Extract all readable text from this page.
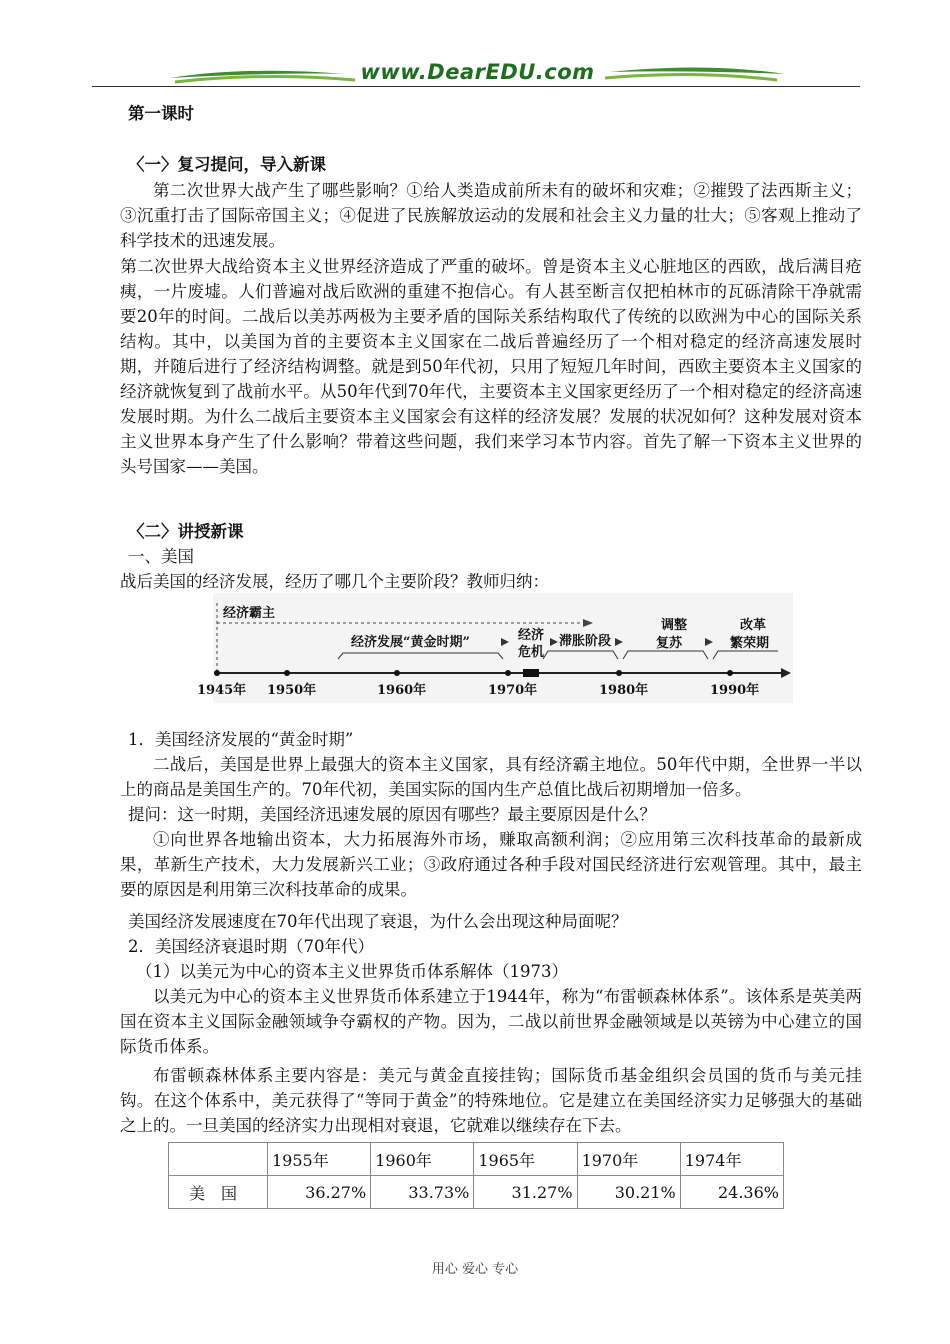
www.DearEDU.com
第一课时
〈一〉复习提问，导入新课
第二次世界大战产生了哪些影响？①给人类造成前所未有的破坏和灾难；②摧毁了法西斯主义；③沉重打击了国际帝国主义；④促进了民族解放运动的发展和社会主义力量的壮大；⑤客观上推动了科学技术的迅速发展。
第二次世界大战给资本主义世界经济造成了严重的破坏。曾是资本主义心脏地区的西欧，战后满目疮痍，一片废墟。人们普遍对战后欧洲的重建不抱信心。有人甚至断言仅把柏林市的瓦砾清除干净就需要20年的时间。二战后以美苏两极为主要矛盾的国际关系结构取代了传统的以欧洲为中心的国际关系结构。其中，以美国为首的主要资本主义国家在二战后普遍经历了一个相对稳定的经济高速发展时期，并随后进行了经济结构调整。就是到50年代初，只用了短短几年时间，西欧主要资本主义国家的经济就恢复到了战前水平。从50年代到70年代，主要资本主义国家更经历了一个相对稳定的经济高速发展时期。为什么二战后主要资本主义国家会有这样的经济发展？发展的状况如何？这种发展对资本主义世界本身产生了什么影响？带着这些问题，我们来学习本节内容。首先了解一下资本主义世界的头号国家——美国。
〈二〉讲授新课
一、美国
战后美国的经济发展，经历了哪几个主要阶段？教师归纳：
经济霸主
经济发展“黄金时期”	经济
危机
滞胀阶段
调整
复苏
改革
繁荣期
1945年 1950年	1960年	1970年	1980年	1990年
1．美国经济发展的“黄金时期”
二战后，美国是世界上最强大的资本主义国家，具有经济霸主地位。50年代中期，全世界一半以上的商品是美国生产的。70年代初，美国实际的国内生产总值比战后初期增加一倍多。
提问：这一时期，美国经济迅速发展的原因有哪些？最主要原因是什么？
①向世界各地输出资本，大力拓展海外市场，赚取高额利润；②应用第三次科技革命的最新成果，革新生产技术，大力发展新兴工业；③政府通过各种手段对国民经济进行宏观管理。其中，最主要的原因是利用第三次科技革命的成果。
美国经济发展速度在70年代出现了衰退，为什么会出现这种局面呢？
2．美国经济衰退时期（70年代）
（1）以美元为中心的资本主义世界货币体系解体（1973）
以美元为中心的资本主义世界货币体系建立于1944年，称为“布雷顿森林体系”。该体系是英美两国在资本主义国际金融领域争夺霸权的产物。因为，二战以前世界金融领域是以英镑为中心建立的国际货币体系。
布雷顿森林体系主要内容是：美元与黄金直接挂钩；国际货币基金组织会员国的货币与美元挂钩。在这个体系中，美元获得了“等同于黄金”的特殊地位。它是建立在美国经济实力足够强大的基础之上的。一旦美国的经济实力出现相对衰退，它就难以继续存在下去。
	1955年	1960年	1965年	1970年	1974年
美　国	36.27%	33.73%	31.27%	30.21%	24.36%
用心 爱心 专心
